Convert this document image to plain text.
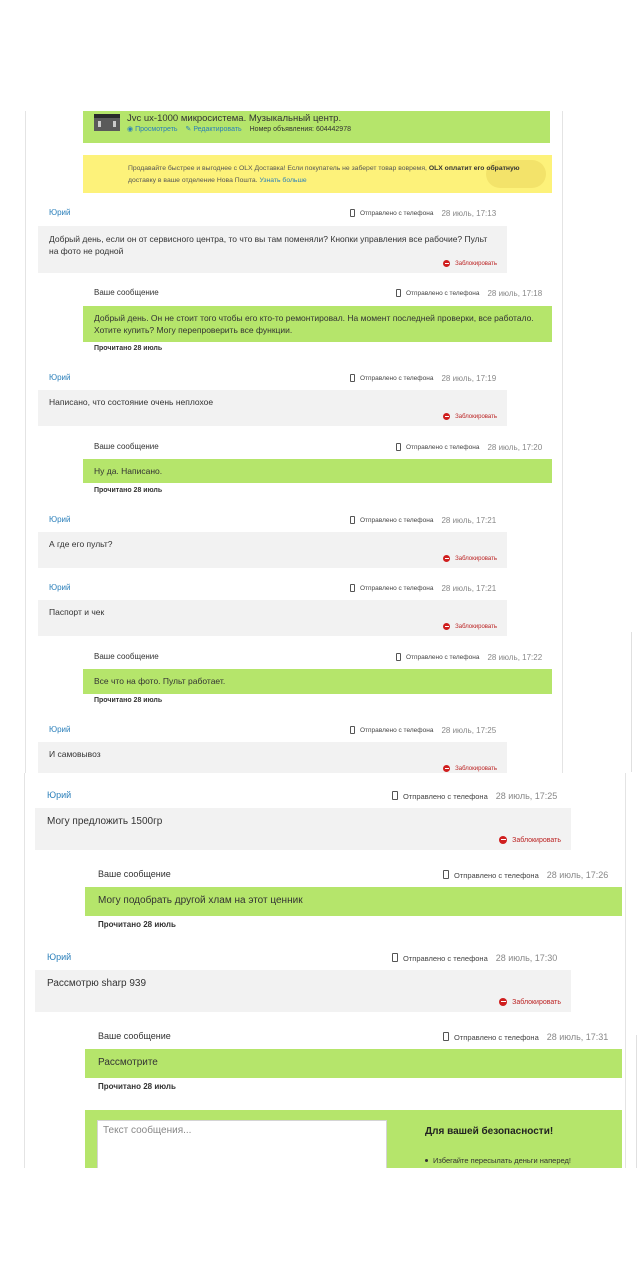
Jvc ux-1000 микросистема. Музыкальный центр.
◉ Просмотреть ✎ Редактировать Номер объявления: 604442978
Продавайте быстрее и выгоднее с OLX Доставка! Если покупатель не заберет товар вовремя, OLX оплатит его обратную доставку в ваше отделение Нова Пошта. Узнать больше
Юрий	Отправлено с телефона 28 июль, 17:13
Добрый день, если он от сервисного центра, то что вы там поменяли? Кнопки управления все рабочие? Пульт на фото не родной
Заблокировать
Ваше сообщение	Отправлено с телефона 28 июль, 17:18
Добрый день. Он не стоит того чтобы его кто-то ремонтировал. На момент последней проверки, все работало. Хотите купить? Могу перепроверить все функции.
Прочитано 28 июль
Юрий	Отправлено с телефона 28 июль, 17:19
Написано, что состояние очень неплохое
Заблокировать
Ваше сообщение	Отправлено с телефона 28 июль, 17:20
Ну да. Написано.
Прочитано 28 июль
Юрий	Отправлено с телефона 28 июль, 17:21
А где его пульт?
Заблокировать
Юрий	Отправлено с телефона 28 июль, 17:21
Паспорт и чек
Заблокировать
Ваше сообщение	Отправлено с телефона 28 июль, 17:22
Все что на фото. Пульт работает.
Прочитано 28 июль
Юрий	Отправлено с телефона 28 июль, 17:25
И самовывоз
Заблокировать
Юрий	Отправлено с телефона 28 июль, 17:25
Могу предложить 1500гр
Заблокировать
Ваше сообщение	Отправлено с телефона 28 июль, 17:26
Могу подобрать другой хлам на этот ценник
Прочитано 28 июль
Юрий	Отправлено с телефона 28 июль, 17:30
Рассмотрю sharp 939
Заблокировать
Ваше сообщение	Отправлено с телефона 28 июль, 17:31
Рассмотрите
Прочитано 28 июль
Текст сообщения...	Для вашей безопасности!
Избегайте пересылать деньги наперед!
